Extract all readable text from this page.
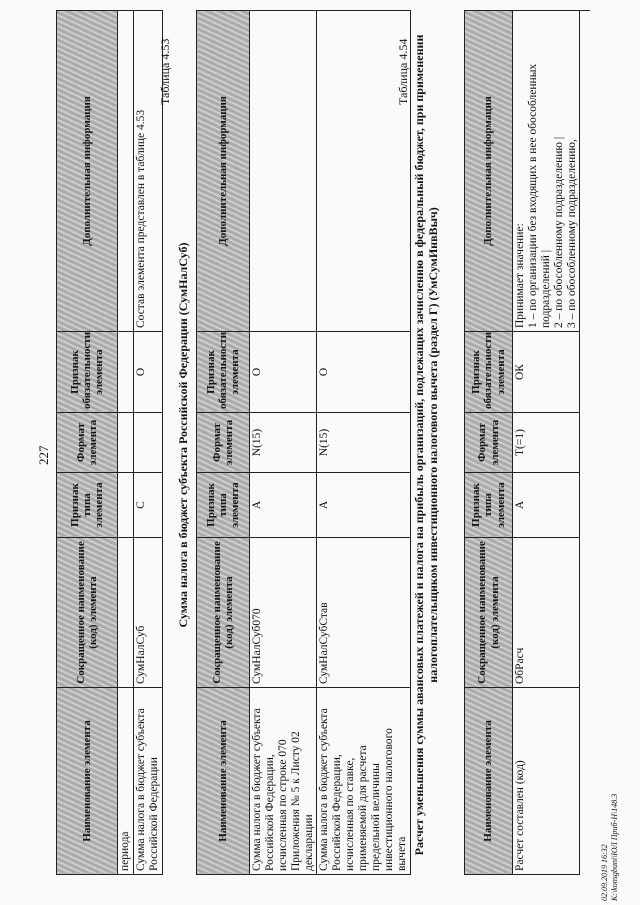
227
Наименование элемента	Сокращенное наименование (код) элемента	Признак типа элемента	Формат элемента	Признак обязательности элемента	Дополнительная информация
периода					
Сумма налога в бюджет субъекта Российской Федерации	СумНалСуб	С		О	Состав элемента представлен в таблице 4.53
Таблица 4.53
Сумма налога в бюджет субъекта Российской Федерации (СумНалСуб)
Наименование элемента	Сокращенное наименование (код) элемента	Признак типа элемента	Формат элемента	Признак обязательности элемента	Дополнительная информация
Сумма налога в бюджет субъекта Российской Федерации, исчисленная по строке 070 Приложения № 5 к Листу 02 декларации	СумНалСуб070	А	N(15)	О	
Сумма налога в бюджет субъекта Российской Федерации, исчисленная по ставке, применяемой для расчета предельной величины инвестиционного налогового вычета	СумНалСубСтав	А	N(15)	О	
Таблица 4.54 Расчет уменьшения суммы авансовых платежей и налога на прибыль организаций, подлежащих зачислению в федеральный бюджет, при применении налогоплательщиком инвестиционного налогового вычета (раздел Г) (УмСумИнвВыч)
Наименование элемента	Сокращенное наименование (код) элемента	Признак типа элемента	Формат элемента	Признак обязательности элемента	Дополнительная информация
Расчет составлен (код)	ОбРасч	А	T(=1)	ОК	Принимает значение:
1 – по организации без входящих в нее обособленных подразделений |
2 – по обособленному подразделению |
3 – по обособленному подразделению,
02.09.2019 16:32 К:\konsgbuni\ЮЛ Приб-Н\148.3
